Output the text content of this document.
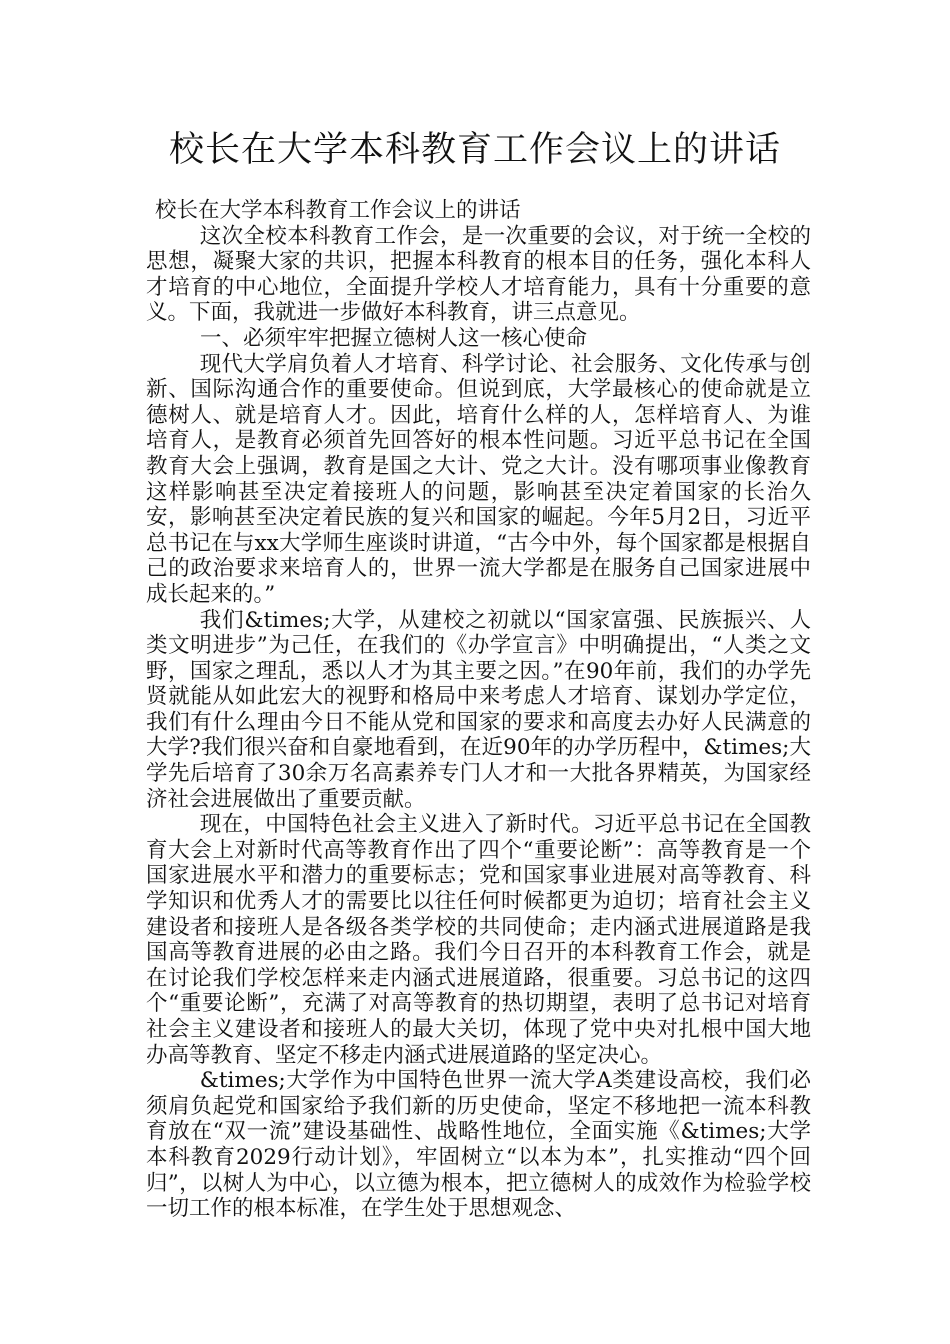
校长在大学本科教育工作会议上的讲话

校长在大学本科教育工作会议上的讲话

这次全校本科教育工作会，是一次重要的会议，对于统一全校的思想，凝聚大家的共识，把握本科教育的根本目的任务，强化本科人才培育的中心地位，全面提升学校人才培育能力，具有十分重要的意义。下面，我就进一步做好本科教育，讲三点意见。

一、必须牢牢把握立德树人这一核心使命

现代大学肩负着人才培育、科学讨论、社会服务、文化传承与创新、国际沟通合作的重要使命。但说到底，大学最核心的使命就是立德树人、就是培育人才。因此，培育什么样的人，怎样培育人、为谁培育人，是教育必须首先回答好的根本性问题。习近平总书记在全国教育大会上强调，教育是国之大计、党之大计。没有哪项事业像教育这样影响甚至决定着接班人的问题，影响甚至决定着国家的长治久安，影响甚至决定着民族的复兴和国家的崛起。今年5月2日，习近平总书记在与xx大学师生座谈时讲道，“古今中外，每个国家都是根据自己的政治要求来培育人的，世界一流大学都是在服务自己国家进展中成长起来的。”

我们&times;大学，从建校之初就以“国家富强、民族振兴、人类文明进步”为己任，在我们的《办学宣言》中明确提出，“人类之文野，国家之理乱，悉以人才为其主要之因。”在90年前，我们的办学先贤就能从如此宏大的视野和格局中来考虑人才培育、谋划办学定位，我们有什么理由今日不能从党和国家的要求和高度去办好人民满意的大学?我们很兴奋和自豪地看到，在近90年的办学历程中，&times;大学先后培育了30余万名高素养专门人才和一大批各界精英，为国家经济社会进展做出了重要贡献。

现在，中国特色社会主义进入了新时代。习近平总书记在全国教育大会上对新时代高等教育作出了四个“重要论断”：高等教育是一个国家进展水平和潜力的重要标志；党和国家事业进展对高等教育、科学知识和优秀人才的需要比以往任何时候都更为迫切；培育社会主义建设者和接班人是各级各类学校的共同使命；走内涵式进展道路是我国高等教育进展的必由之路。我们今日召开的本科教育工作会，就是在讨论我们学校怎样来走内涵式进展道路，很重要。习总书记的这四个“重要论断”，充满了对高等教育的热切期望，表明了总书记对培育社会主义建设者和接班人的最大关切，体现了党中央对扎根中国大地办高等教育、坚定不移走内涵式进展道路的坚定决心。

&times;大学作为中国特色世界一流大学A类建设高校，我们必须肩负起党和国家给予我们新的历史使命，坚定不移地把一流本科教育放在“双一流”建设基础性、战略性地位，全面实施《&times;大学本科教育2029行动计划》，牢固树立“以本为本”，扎实推动“四个回归”，以树人为中心，以立德为根本，把立德树人的成效作为检验学校一切工作的根本标准，在学生处于思想观念、
